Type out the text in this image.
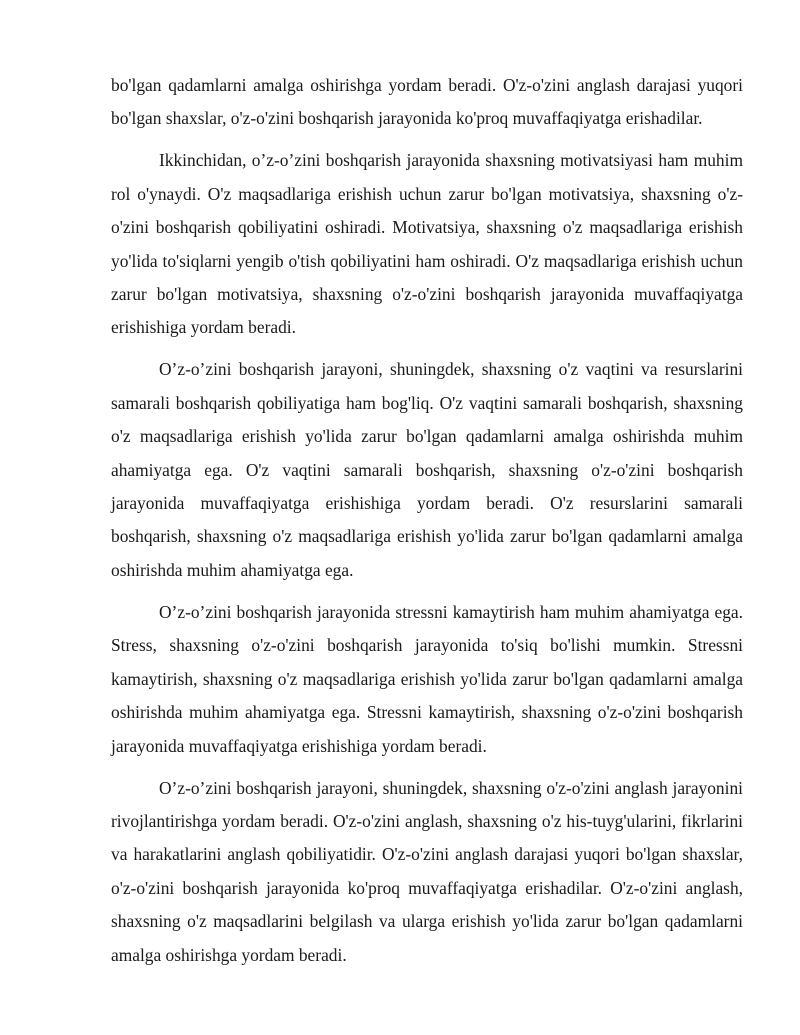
bo'lgan qadamlarni amalga oshirishga yordam beradi. O'z-o'zini anglash darajasi yuqori bo'lgan shaxslar, o'z-o'zini boshqarish jarayonida ko'proq muvaffaqiyatga erishadilar.

Ikkinchidan, o’z-o’zini boshqarish jarayonida shaxsning motivatsiyasi ham muhim rol o'ynaydi. O'z maqsadlariga erishish uchun zarur bo'lgan motivatsiya, shaxsning o'z-o'zini boshqarish qobiliyatini oshiradi. Motivatsiya, shaxsning o'z maqsadlariga erishish yo'lida to'siqlarni yengib o'tish qobiliyatini ham oshiradi. O'z maqsadlariga erishish uchun zarur bo'lgan motivatsiya, shaxsning o'z-o'zini boshqarish jarayonida muvaffaqiyatga erishishiga yordam beradi.

O’z-o’zini boshqarish jarayoni, shuningdek, shaxsning o'z vaqtini va resurslarini samarali boshqarish qobiliyatiga ham bog'liq. O'z vaqtini samarali boshqarish, shaxsning o'z maqsadlariga erishish yo'lida zarur bo'lgan qadamlarni amalga oshirishda muhim ahamiyatga ega. O'z vaqtini samarali boshqarish, shaxsning o'z-o'zini boshqarish jarayonida muvaffaqiyatga erishishiga yordam beradi. O'z resurslarini samarali boshqarish, shaxsning o'z maqsadlariga erishish yo'lida zarur bo'lgan qadamlarni amalga oshirishda muhim ahamiyatga ega.

O’z-o’zini boshqarish jarayonida stressni kamaytirish ham muhim ahamiyatga ega. Stress, shaxsning o'z-o'zini boshqarish jarayonida to'siq bo'lishi mumkin. Stressni kamaytirish, shaxsning o'z maqsadlariga erishish yo'lida zarur bo'lgan qadamlarni amalga oshirishda muhim ahamiyatga ega. Stressni kamaytirish, shaxsning o'z-o'zini boshqarish jarayonida muvaffaqiyatga erishishiga yordam beradi.

O’z-o’zini boshqarish jarayoni, shuningdek, shaxsning o'z-o'zini anglash jarayonini rivojlantirishga yordam beradi. O'z-o'zini anglash, shaxsning o'z his-tuyg'ularini, fikrlarini va harakatlarini anglash qobiliyatidir. O'z-o'zini anglash darajasi yuqori bo'lgan shaxslar, o'z-o'zini boshqarish jarayonida ko'proq muvaffaqiyatga erishadilar. O'z-o'zini anglash, shaxsning o'z maqsadlarini belgilash va ularga erishish yo'lida zarur bo'lgan qadamlarni amalga oshirishga yordam beradi.
